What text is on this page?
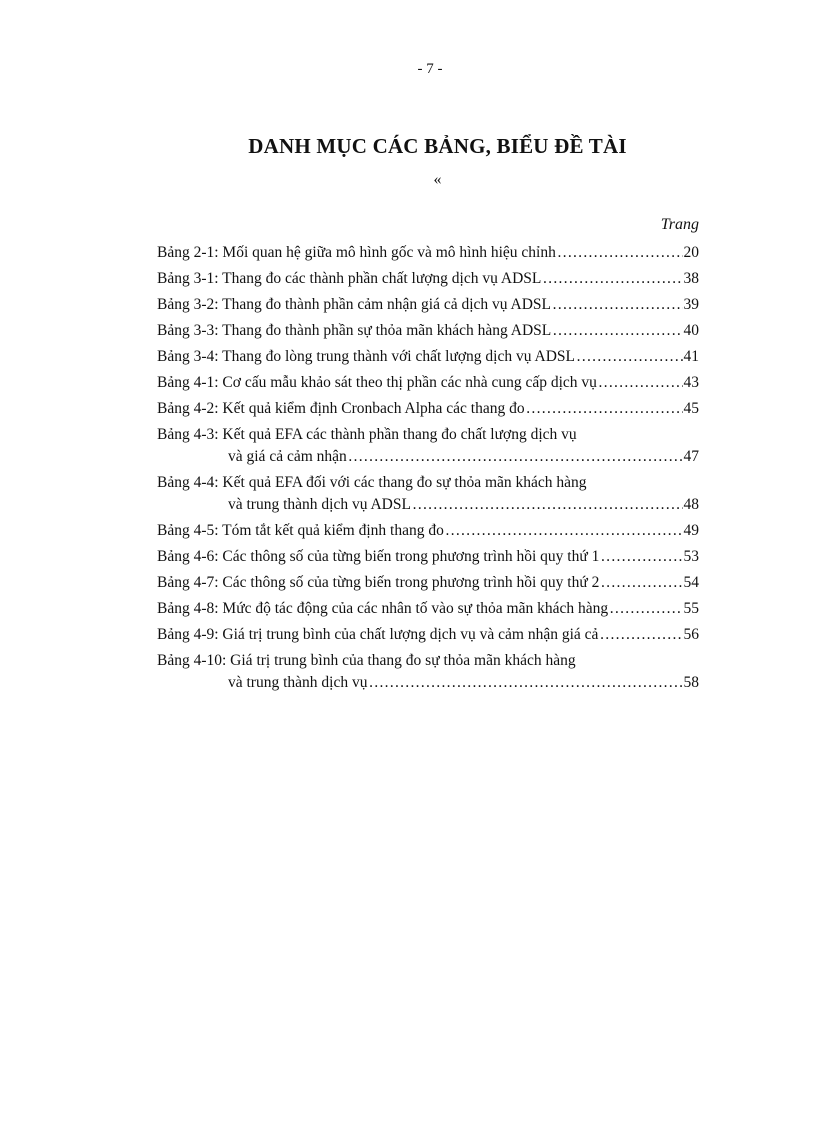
- 7 -
DANH MỤC CÁC BẢNG, BIỂU ĐỀ TÀI
«
Trang
Bảng 2-1: Mối quan hệ giữa mô hình gốc và mô hình hiệu chỉnh …………………………………………………………………………………………………………………………………………………………………………	20
Bảng 3-1: Thang đo các thành phần chất lượng dịch vụ ADSL …………………………………………………………………………………………………………………………………………………………………………	38
Bảng 3-2: Thang đo thành phần cảm nhận giá cả dịch vụ ADSL …………………………………………………………………………………………………………………………………………………………………………	39
Bảng 3-3: Thang đo thành phần sự thỏa mãn khách hàng ADSL …………………………………………………………………………………………………………………………………………………………………………	40
Bảng 3-4: Thang đo lòng trung thành với chất lượng dịch vụ ADSL …………………………………………………………………………………………………………………………………………………………………………	41
Bảng 4-1: Cơ cấu mẫu khảo sát theo thị phần các nhà cung cấp dịch vụ …………………………………………………………………………………………………………………………………………………………………………	43
Bảng 4-2: Kết quả kiểm định Cronbach Alpha các thang đo …………………………………………………………………………………………………………………………………………………………………………	45
Bảng 4-3: Kết quả EFA các thành phần thang đo chất lượng dịch vụ
và giá cả cảm nhận …………………………………………………………………………………………………………………………………………………………………………	47
Bảng 4-4: Kết quả EFA đối với các thang đo sự thỏa mãn khách hàng
và trung thành dịch vụ ADSL …………………………………………………………………………………………………………………………………………………………………………	48
Bảng 4-5: Tóm tắt kết quả kiểm định thang đo …………………………………………………………………………………………………………………………………………………………………………	49
Bảng 4-6: Các thông số của từng biến trong phương trình hồi quy thứ 1 …………………………………………………………………………………………………………………………………………………………………………	53
Bảng 4-7: Các thông số của từng biến trong phương trình hồi quy thứ 2 …………………………………………………………………………………………………………………………………………………………………………	54
Bảng 4-8: Mức độ tác động của các nhân tố vào sự thỏa mãn khách hàng …………………………………………………………………………………………………………………………………………………………………………	55
Bảng 4-9: Giá trị trung bình của chất lượng dịch vụ và cảm nhận giá cả …………………………………………………………………………………………………………………………………………………………………………	56
Bảng 4-10: Giá trị trung bình của thang đo sự thỏa mãn khách hàng
và trung thành dịch vụ …………………………………………………………………………………………………………………………………………………………………………	58
